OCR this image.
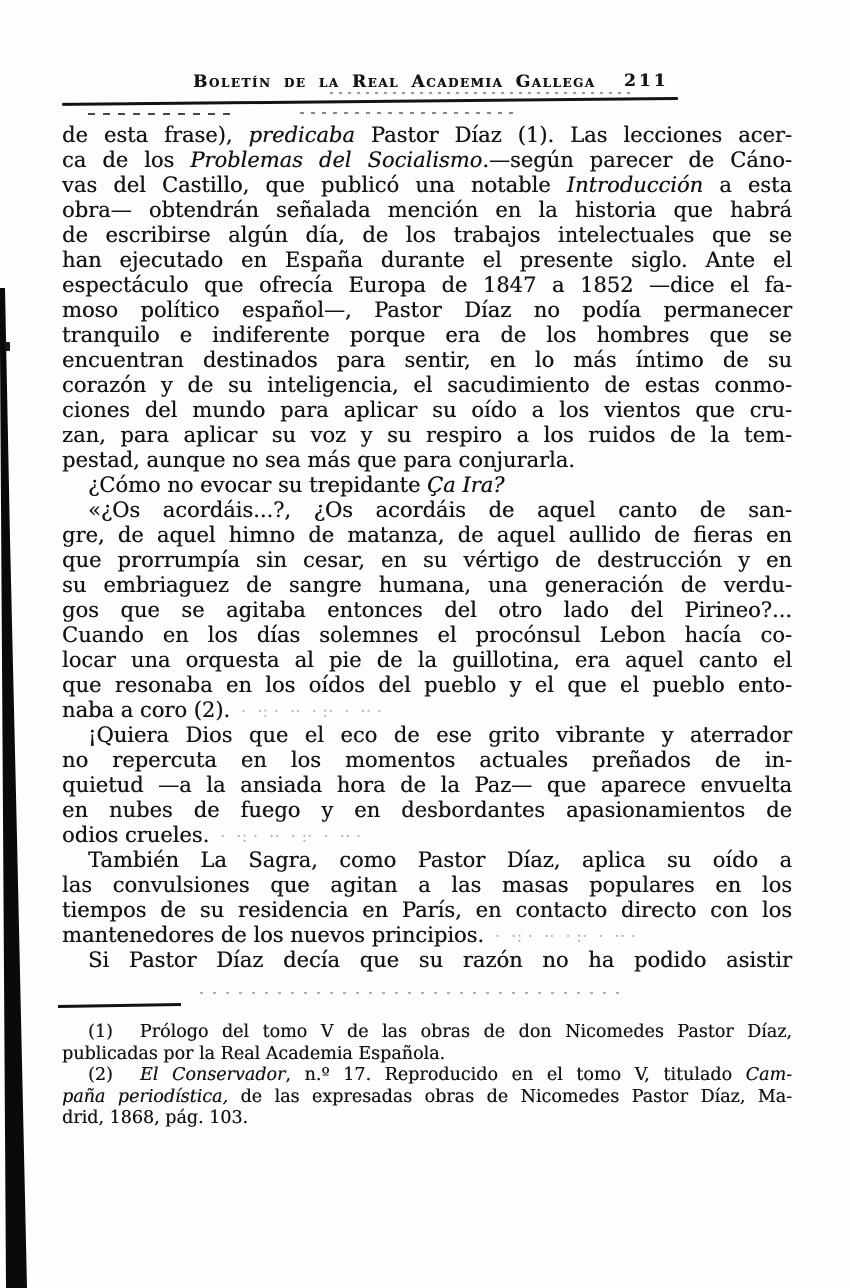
Boletín de la Real Academia Gallega 211
de esta frase), predicaba Pastor Díaz (1). Las lecciones acer-
ca de los Problemas del Socialismo.—según parecer de Cáno-
vas del Castillo, que publicó una notable Introducción a esta
obra— obtendrán señalada mención en la historia que habrá
de escribirse algún día, de los trabajos intelectuales que se
han ejecutado en España durante el presente siglo. Ante el
espectáculo que ofrecía Europa de 1847 a 1852 —dice el fa-
moso político español—, Pastor Díaz no podía permanecer
tranquilo e indiferente porque era de los hombres que se
encuentran destinados para sentir, en lo más íntimo de su
corazón y de su inteligencia, el sacudimiento de estas conmo-
ciones del mundo para aplicar su oído a los vientos que cru-
zan, para aplicar su voz y su respiro a los ruidos de la tem-
pestad, aunque no sea más que para conjurarla.
¿Cómo no evocar su trepidante Ça Ira?
«¿Os acordáis...?, ¿Os acordáis de aquel canto de san-
gre, de aquel himno de matanza, de aquel aullido de fieras en
que prorrumpía sin cesar, en su vértigo de destrucción y en
su embriaguez de sangre humana, una generación de verdu-
gos que se agitaba entonces del otro lado del Pirineo?...
Cuando en los días solemnes el procónsul Lebon hacía co-
locar una orquesta al pie de la guillotina, era aquel canto el
que resonaba en los oídos del pueblo y el que el pueblo ento-
naba a coro (2).  ·  ·: ·  ··  · :·  ·  ·· ·
¡Quiera Dios que el eco de ese grito vibrante y aterrador
no repercuta en los momentos actuales preñados de in-
quietud —a la ansiada hora de la Paz— que aparece envuelta
en nubes de fuego y en desbordantes apasionamientos de
odios crueles.  ·  ·: ·  ··  · :·  ·  ·· ·
También La Sagra, como Pastor Díaz, aplica su oído a
las convulsiones que agitan a las masas populares en los
tiempos de su residencia en París, en contacto directo con los
mantenedores de los nuevos principios.  ·  ·: ·  ··  · :·  ·  ·· ·
Si Pastor Díaz decía que su razón no ha podido asistir
(1)  Prólogo del tomo V de las obras de don Nicomedes Pastor Díaz,
publicadas por la Real Academia Española.
(2)  El Conservador, n.º 17. Reproducido en el tomo V, titulado Cam-
paña periodística, de las expresadas obras de Nicomedes Pastor Díaz, Ma-
drid, 1868, pág. 103.
